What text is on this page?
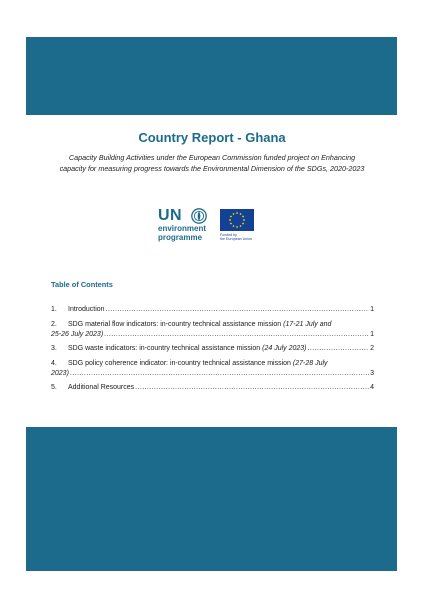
Country Report - Ghana
Capacity Building Activities under the European Commission funded project on Enhancing
capacity for measuring progress towards the Environmental Dimension of the SDGs, 2020-2023
UN
environment
programme	Funded by
the European Union
Table of Contents
1.	Introduction .....	1
2.	SDG material flow indicators: in-country technical assistance mission (17-21 July and
25-26 July 2023) .....	1
3.	SDG waste indicators: in-country technical assistance mission (24 July 2023) .....	2
4.	SDG policy coherence indicator: in-country technical assistance mission (27-28 July
2023) .....	3
5.	Additional Resources .....	4
